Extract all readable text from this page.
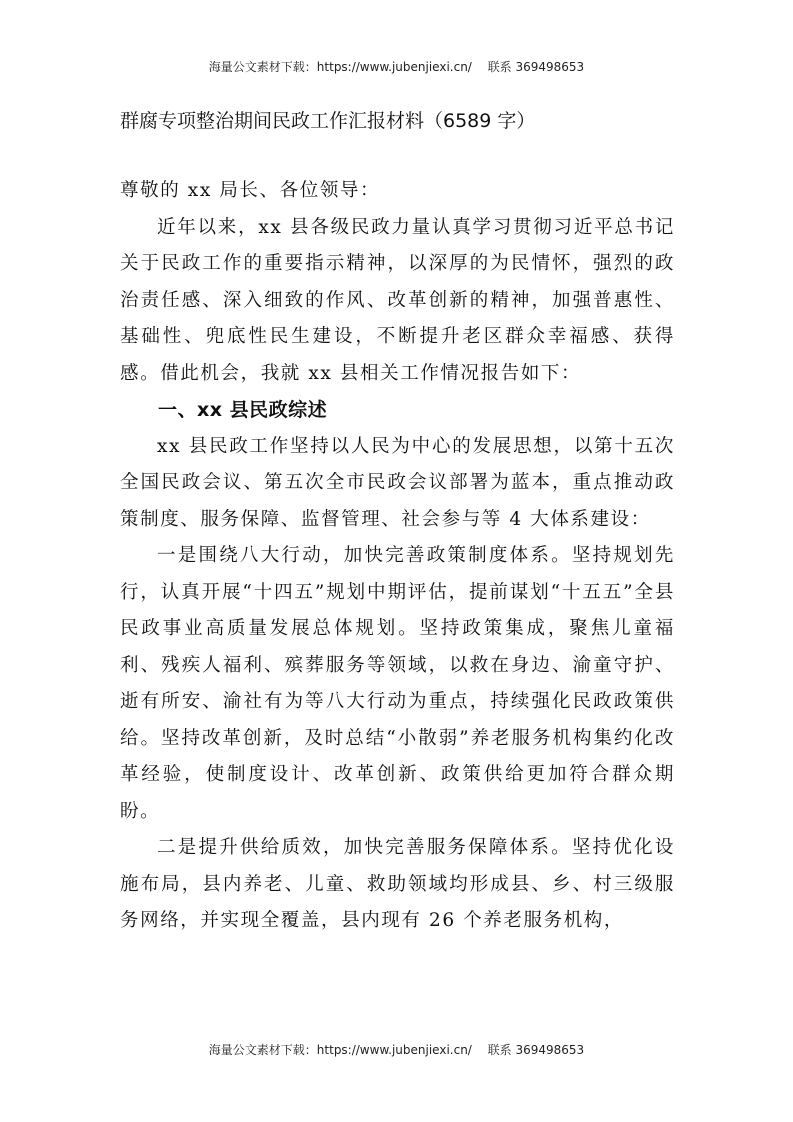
海量公文素材下载：https://www.jubenjiexi.cn/　 联系 369498653
群腐专项整治期间民政工作汇报材料（6589 字）

尊敬的 xx 局长、各位领导：

近年以来，xx 县各级民政力量认真学习贯彻习近平总书记关于民政工作的重要指示精神，以深厚的为民情怀，强烈的政治责任感、深入细致的作风、改革创新的精神，加强普惠性、基础性、兜底性民生建设，不断提升老区群众幸福感、获得感。借此机会，我就 xx 县相关工作情况报告如下：

一、xx 县民政综述

xx 县民政工作坚持以人民为中心的发展思想，以第十五次全国民政会议、第五次全市民政会议部署为蓝本，重点推动政策制度、服务保障、监督管理、社会参与等 4 大体系建设：

一是围绕八大行动，加快完善政策制度体系。坚持规划先行，认真开展“十四五”规划中期评估，提前谋划“十五五”全县民政事业高质量发展总体规划。坚持政策集成，聚焦儿童福利、残疾人福利、殡葬服务等领域，以救在身边、渝童守护、逝有所安、渝社有为等八大行动为重点，持续强化民政政策供给。坚持改革创新，及时总结“小散弱”养老服务机构集约化改革经验，使制度设计、改革创新、政策供给更加符合群众期盼。

二是提升供给质效，加快完善服务保障体系。坚持优化设施布局，县内养老、儿童、救助领域均形成县、乡、村三级服务网络，并实现全覆盖，县内现有 26 个养老服务机构，

海量公文素材下载：https://www.jubenjiexi.cn/　 联系 369498653
